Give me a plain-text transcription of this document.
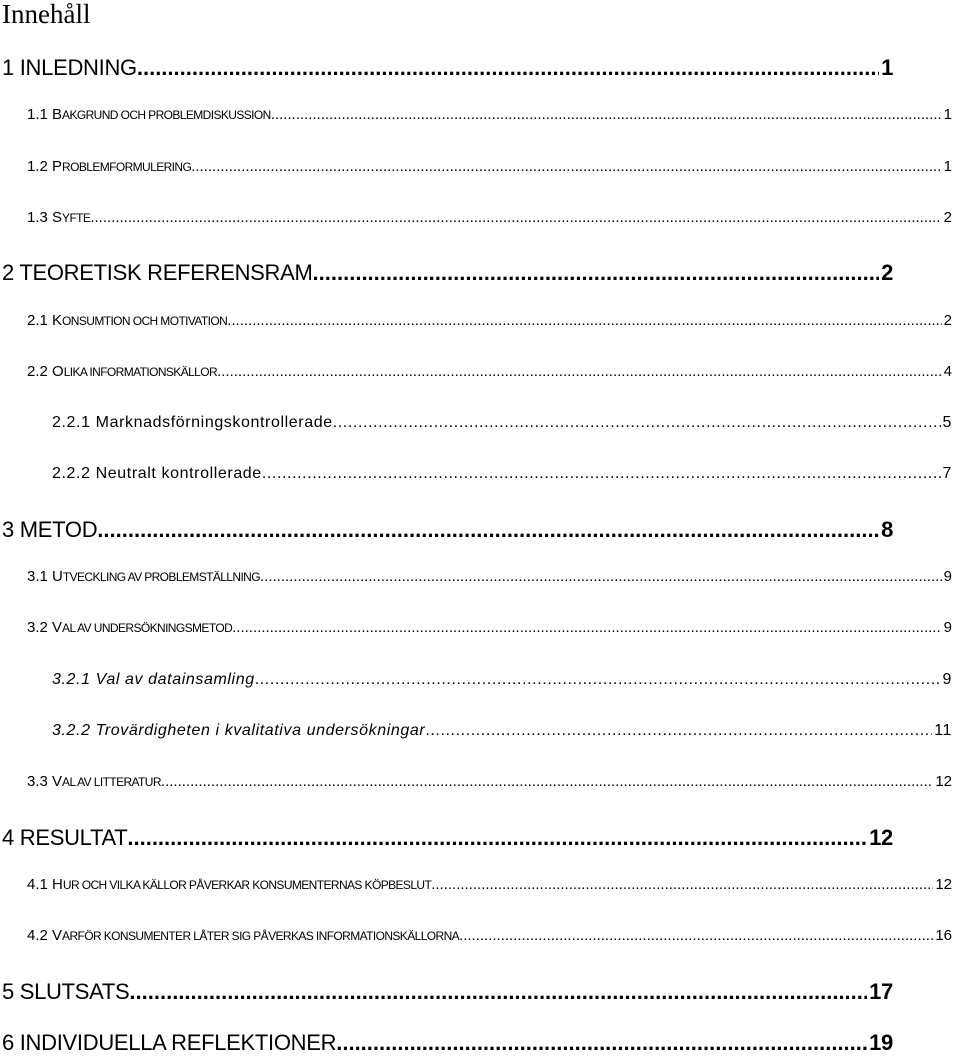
Innehåll
1 INLEDNING .....	1
1.1 BAKGRUND OCH PROBLEMDISKUSSION .....	1
1.2 PROBLEMFORMULERING .....	1
1.3 SYFTE .....	2
2 TEORETISK REFERENSRAM .....	2
2.1 KONSUMTION OCH MOTIVATION .....	2
2.2 OLIKA INFORMATIONSKÄLLOR .....	4
2.2.1 Marknadsförningskontrollerade .....	5
2.2.2 Neutralt kontrollerade .....	7
3 METOD .....	8
3.1 UTVECKLING AV PROBLEMSTÄLLNING .....	9
3.2 VAL AV UNDERSÖKNINGSMETOD .....	9
3.2.1 Val av datainsamling .....	9
3.2.2 Trovärdigheten i kvalitativa undersökningar .....	11
3.3 VAL AV LITTERATUR .....	12
4 RESULTAT .....	12
4.1 HUR OCH VILKA KÄLLOR PÅVERKAR KONSUMENTERNAS KÖPBESLUT .....	12
4.2 VARFÖR KONSUMENTER LÅTER SIG PÅVERKAS INFORMATIONSKÄLLORNA .....	16
5 SLUTSATS .....	17
6 INDIVIDUELLA REFLEKTIONER .....	19
